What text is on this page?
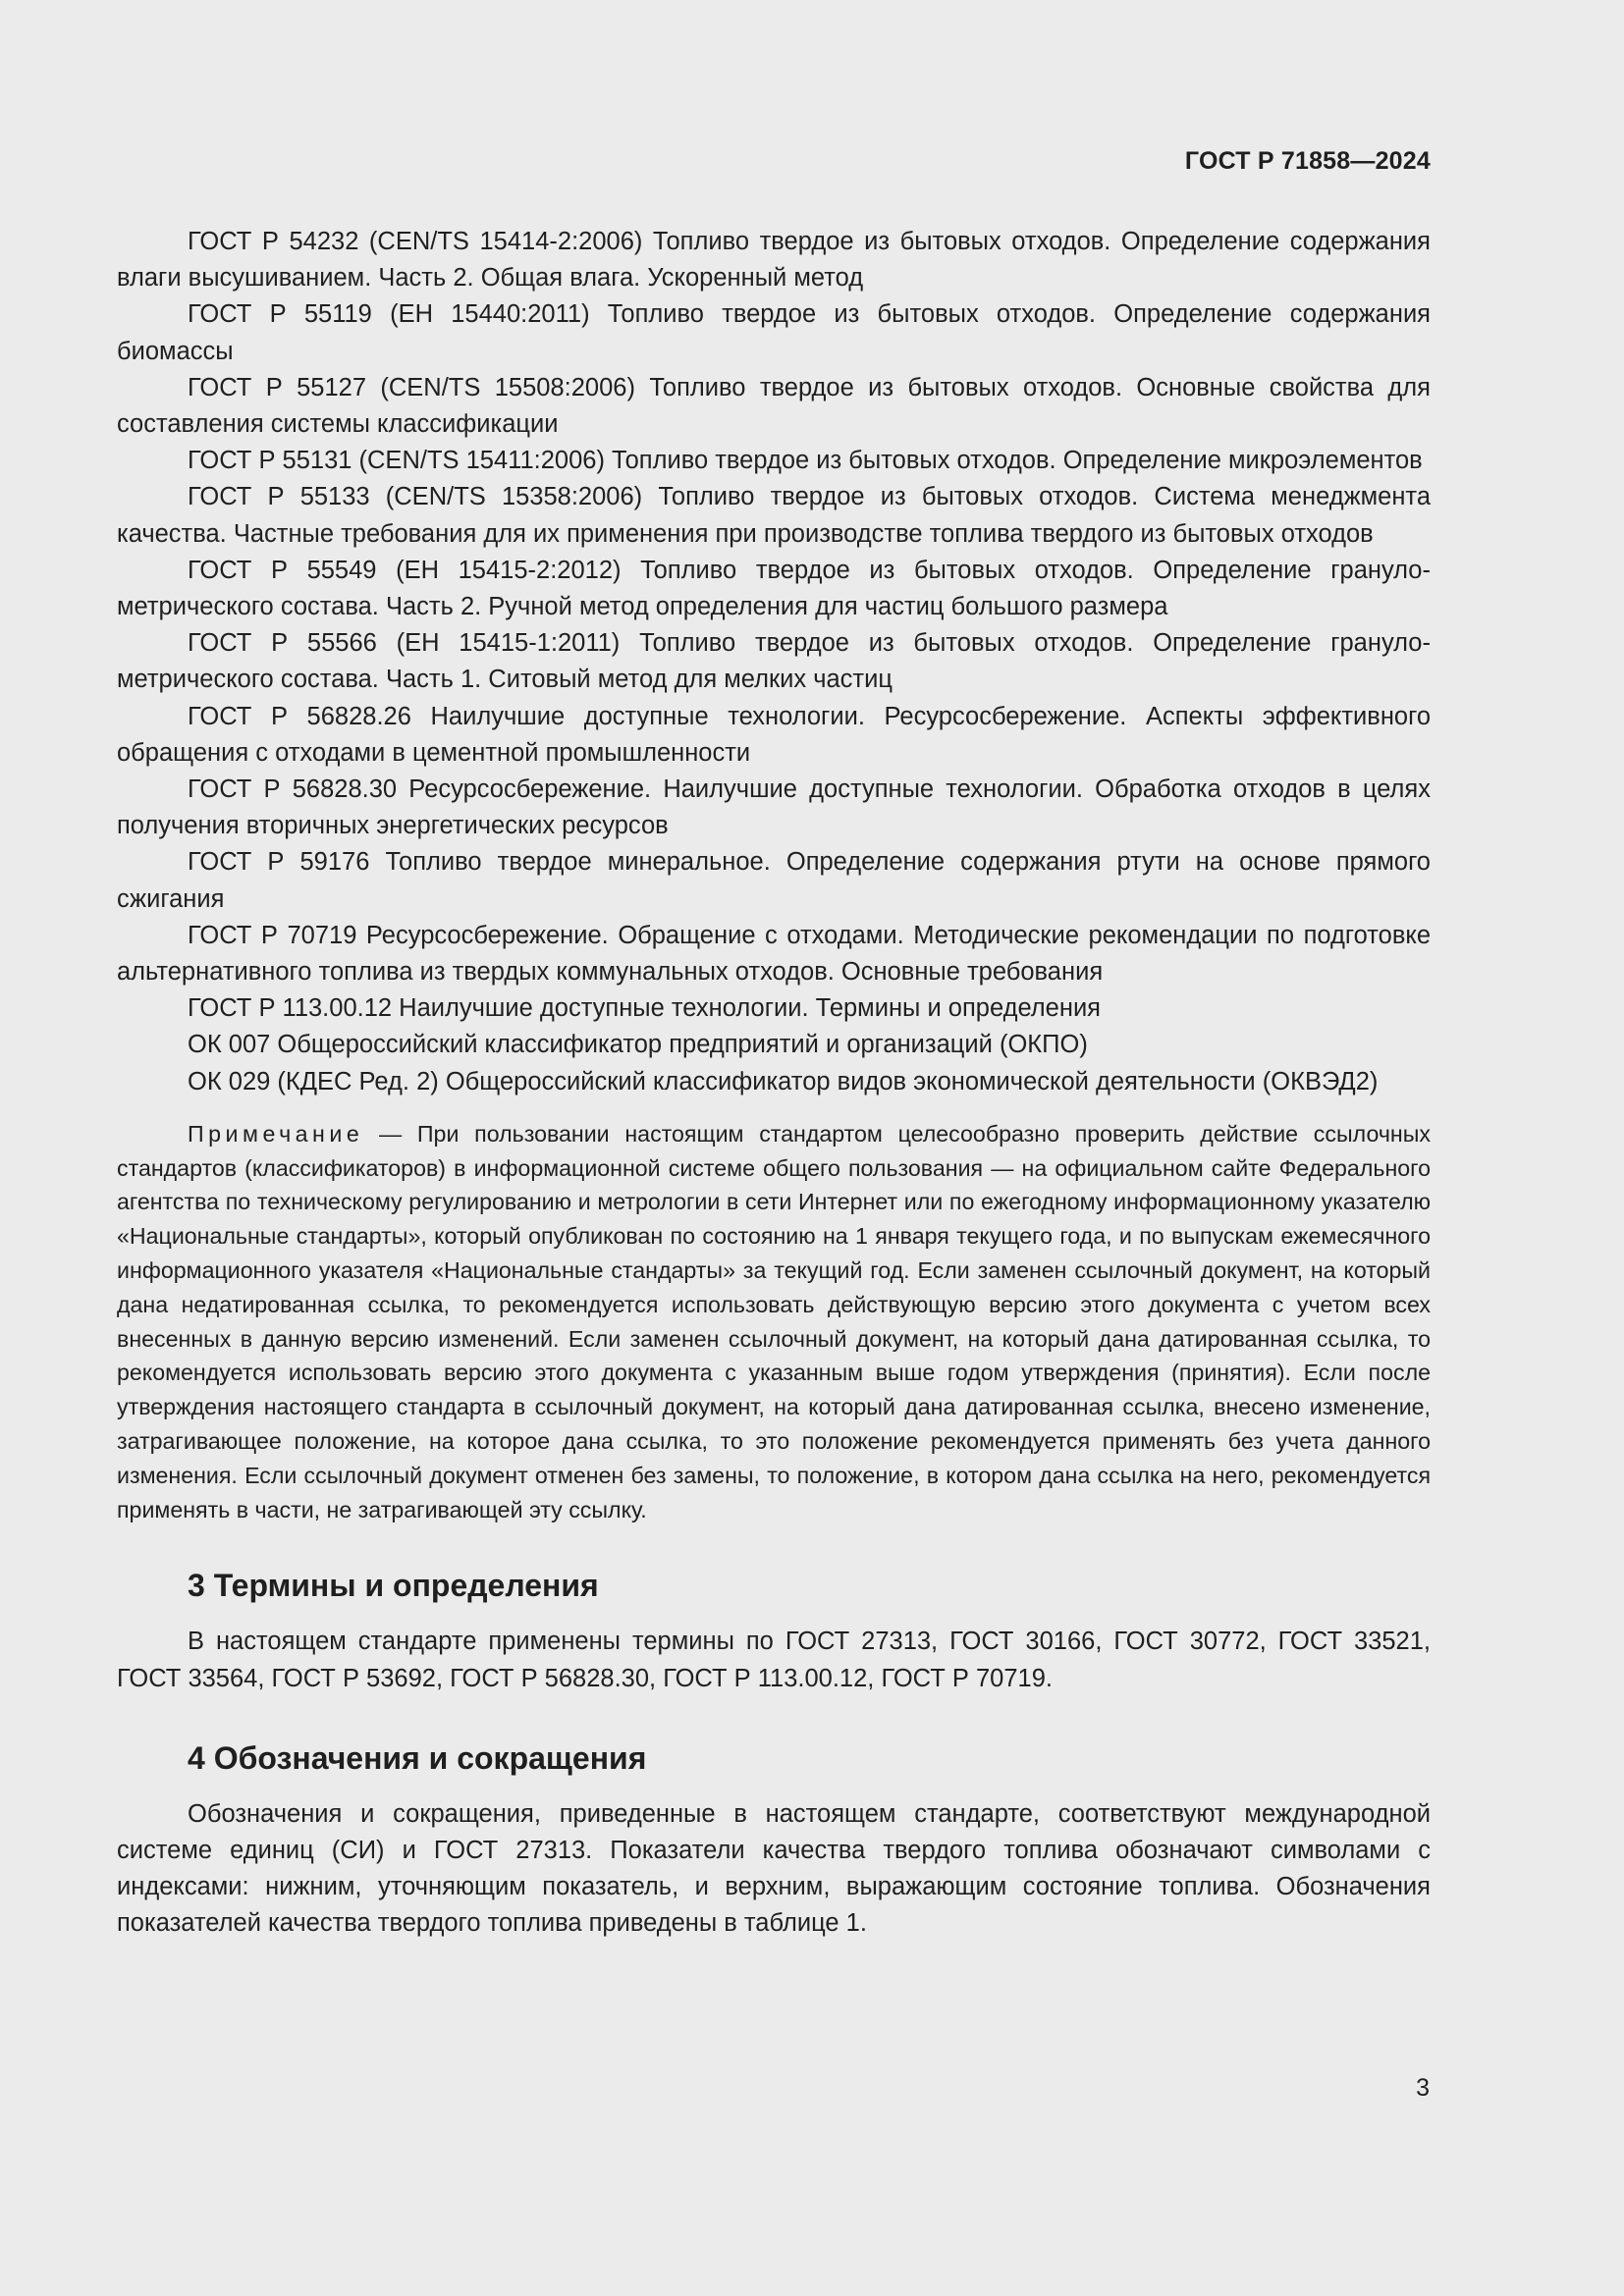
ГОСТ Р 71858—2024

ГОСТ Р 54232 (CEN/TS 15414-2:2006) Топливо твердое из бытовых отходов. Определение содержания влаги высушиванием. Часть 2. Общая влага. Ускоренный метод

ГОСТ Р 55119 (ЕН 15440:2011) Топливо твердое из бытовых отходов. Определение содержания биомассы

ГОСТ Р 55127 (CEN/TS 15508:2006) Топливо твердое из бытовых отходов. Основные свойства для составления системы классификации

ГОСТ Р 55131 (CEN/TS 15411:2006) Топливо твердое из бытовых отходов. Определение микроэлементов

ГОСТ Р 55133 (CEN/TS 15358:2006) Топливо твердое из бытовых отходов. Система менеджмента качества. Частные требования для их применения при производстве топлива твердого из бытовых отходов

ГОСТ Р 55549 (ЕН 15415-2:2012) Топливо твердое из бытовых отходов. Определение гранулометрического состава. Часть 2. Ручной метод определения для частиц большого размера

ГОСТ Р 55566 (ЕН 15415-1:2011) Топливо твердое из бытовых отходов. Определение гранулометрического состава. Часть 1. Ситовый метод для мелких частиц

ГОСТ Р 56828.26 Наилучшие доступные технологии. Ресурсосбережение. Аспекты эффективного обращения с отходами в цементной промышленности

ГОСТ Р 56828.30 Ресурсосбережение. Наилучшие доступные технологии. Обработка отходов в целях получения вторичных энергетических ресурсов

ГОСТ Р 59176 Топливо твердое минеральное. Определение содержания ртути на основе прямого сжигания

ГОСТ Р 70719 Ресурсосбережение. Обращение с отходами. Методические рекомендации по подготовке альтернативного топлива из твердых коммунальных отходов. Основные требования

ГОСТ Р 113.00.12 Наилучшие доступные технологии. Термины и определения

ОК 007 Общероссийский классификатор предприятий и организаций (ОКПО)

ОК 029 (КДЕС Ред. 2) Общероссийский классификатор видов экономической деятельности (ОКВЭД2)

Примечание — При пользовании настоящим стандартом целесообразно проверить действие ссылочных стандартов (классификаторов) в информационной системе общего пользования — на официальном сайте Федерального агентства по техническому регулированию и метрологии в сети Интернет или по ежегодному информационному указателю «Национальные стандарты», который опубликован по состоянию на 1 января текущего года, и по выпускам ежемесячного информационного указателя «Национальные стандарты» за текущий год. Если заменен ссылочный документ, на который дана недатированная ссылка, то рекомендуется использовать действующую версию этого документа с учетом всех внесенных в данную версию изменений. Если заменен ссылочный документ, на который дана датированная ссылка, то рекомендуется использовать версию этого документа с указанным выше годом утверждения (принятия). Если после утверждения настоящего стандарта в ссылочный документ, на который дана датированная ссылка, внесено изменение, затрагивающее положение, на которое дана ссылка, то это положение рекомендуется применять без учета данного изменения. Если ссылочный документ отменен без замены, то положение, в котором дана ссылка на него, рекомендуется применять в части, не затрагивающей эту ссылку.

3 Термины и определения

В настоящем стандарте применены термины по ГОСТ 27313, ГОСТ 30166, ГОСТ 30772, ГОСТ 33521, ГОСТ 33564, ГОСТ Р 53692, ГОСТ Р 56828.30, ГОСТ Р 113.00.12, ГОСТ Р 70719.

4 Обозначения и сокращения

Обозначения и сокращения, приведенные в настоящем стандарте, соответствуют международной системе единиц (СИ) и ГОСТ 27313. Показатели качества твердого топлива обозначают символами с индексами: нижним, уточняющим показатель, и верхним, выражающим состояние топлива. Обозначения показателей качества твердого топлива приведены в таблице 1.

3
